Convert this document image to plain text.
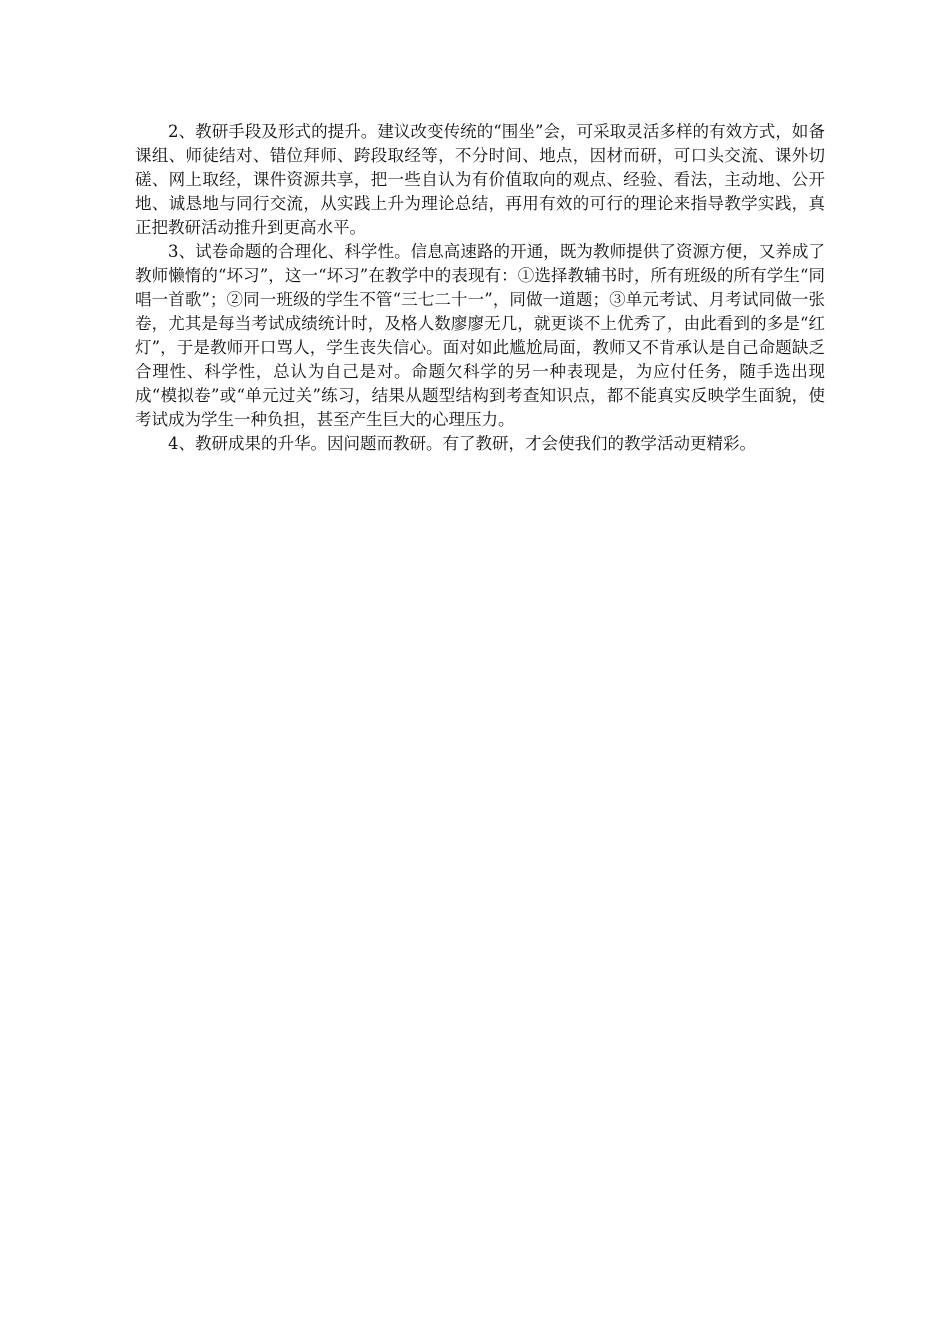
2、教研手段及形式的提升。建议改变传统的“围坐”会，可采取灵活多样的有效方式，如备课组、师徒结对、错位拜师、跨段取经等，不分时间、地点，因材而研，可口头交流、课外切磋、网上取经，课件资源共享，把一些自认为有价值取向的观点、经验、看法，主动地、公开地、诚恳地与同行交流，从实践上升为理论总结，再用有效的可行的理论来指导教学实践，真正把教研活动推升到更高水平。

3、试卷命题的合理化、科学性。信息高速路的开通，既为教师提供了资源方便，又养成了教师懒惰的“坏习”，这一“坏习”在教学中的表现有：①选择教辅书时，所有班级的所有学生“同唱一首歌”；②同一班级的学生不管“三七二十一”，同做一道题；③单元考试、月考试同做一张卷，尤其是每当考试成绩统计时，及格人数廖廖无几，就更谈不上优秀了，由此看到的多是“红灯”，于是教师开口骂人，学生丧失信心。面对如此尴尬局面，教师又不肯承认是自己命题缺乏合理性、科学性，总认为自己是对。命题欠科学的另一种表现是，为应付任务，随手选出现成“模拟卷”或“单元过关”练习，结果从题型结构到考查知识点，都不能真实反映学生面貌，使考试成为学生一种负担，甚至产生巨大的心理压力。

4、教研成果的升华。因问题而教研。有了教研，才会使我们的教学活动更精彩。
